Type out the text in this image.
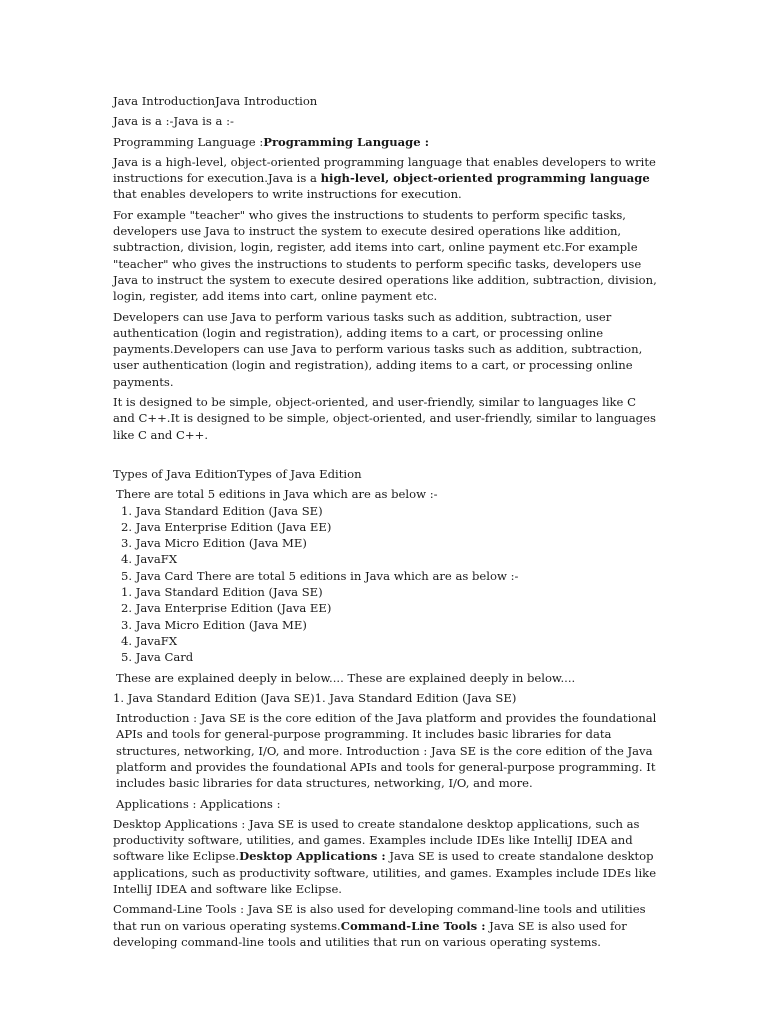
Java IntroductionJava Introduction

Java is a :-Java is a :-

Programming Language :Programming Language :

Java is a high-level, object-oriented programming language that enables developers to write instructions for execution.Java is a high-level, object-oriented programming language that enables developers to write instructions for execution.

For example "teacher" who gives the instructions to students to perform specific tasks, developers use Java to instruct the system to execute desired operations like addition, subtraction, division, login, register, add items into cart, online payment etc.For example "teacher" who gives the instructions to students to perform specific tasks, developers use Java to instruct the system to execute desired operations like addition, subtraction, division, login, register, add items into cart, online payment etc.

Developers can use Java to perform various tasks such as addition, subtraction, user authentication (login and registration), adding items to a cart, or processing online payments.Developers can use Java to perform various tasks such as addition, subtraction, user authentication (login and registration), adding items to a cart, or processing online payments.

It is designed to be simple, object-oriented, and user-friendly, similar to languages like C and C++.It is designed to be simple, object-oriented, and user-friendly, similar to languages like C and C++.

Types of Java EditionTypes of Java Edition

There are total 5 editions in Java which are as below :-
1. Java Standard Edition (Java SE)
2. Java Enterprise Edition (Java EE)
3. Java Micro Edition (Java ME)
4. JavaFX
5. Java Card There are total 5 editions in Java which are as below :-
1. Java Standard Edition (Java SE)
2. Java Enterprise Edition (Java EE)
3. Java Micro Edition (Java ME)
4. JavaFX
5. Java Card

These are explained deeply in below.... These are explained deeply in below....

1. Java Standard Edition (Java SE)1. Java Standard Edition (Java SE)

Introduction : Java SE is the core edition of the Java platform and provides the foundational APIs and tools for general-purpose programming. It includes basic libraries for data structures, networking, I/O, and more. Introduction : Java SE is the core edition of the Java platform and provides the foundational APIs and tools for general-purpose programming. It includes basic libraries for data structures, networking, I/O, and more.

Applications : Applications :

Desktop Applications : Java SE is used to create standalone desktop applications, such as productivity software, utilities, and games. Examples include IDEs like IntelliJ IDEA and software like Eclipse.Desktop Applications : Java SE is used to create standalone desktop applications, such as productivity software, utilities, and games. Examples include IDEs like IntelliJ IDEA and software like Eclipse.

Command-Line Tools : Java SE is also used for developing command-line tools and utilities that run on various operating systems.Command-Line Tools : Java SE is also used for developing command-line tools and utilities that run on various operating systems.
